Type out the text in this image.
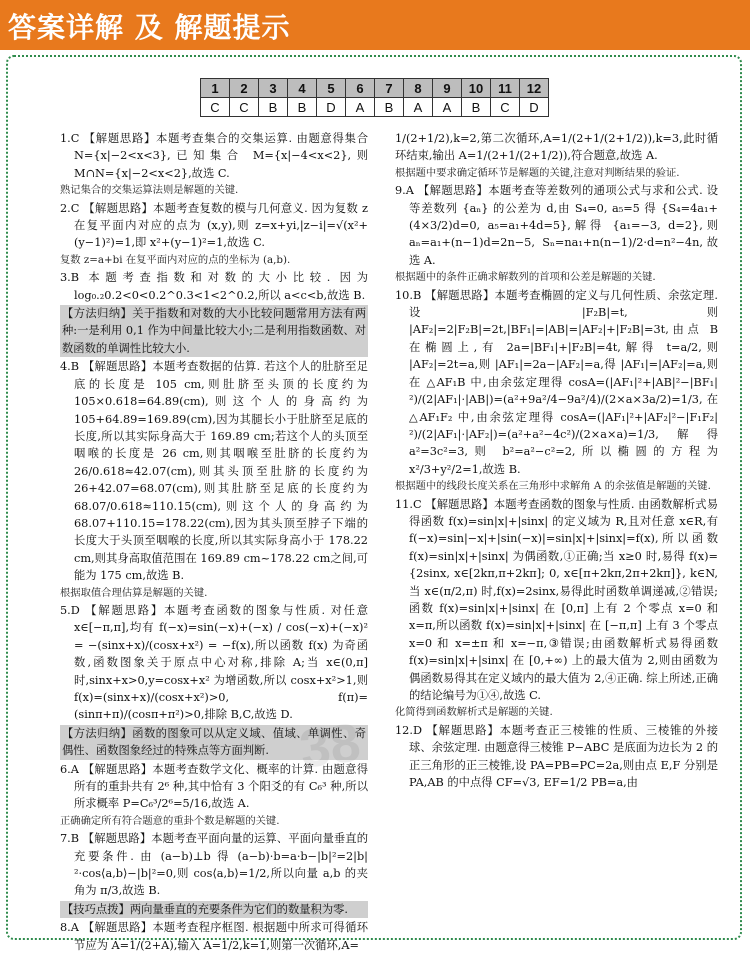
答案详解 及 解题提示
1	2	3	4	5	6	7	8	9	10	11	12
C	C	B	B	D	A	B	A	A	B	C	D

1.C 【解题思路】本题考查集合的交集运算. 由题意得集合 N={x|−2<x<3},已知集合 M={x|−4<x<2},则 M∩N={x|−2<x<2},故选 C.

熟记集合的交集运算法则是解题的关键.

2.C 【解题思路】本题考查复数的模与几何意义. 因为复数 z 在复平面内对应的点为 (x,y),则 z=x+yi,|z−i|=√(x²+(y−1)²)=1,即 x²+(y−1)²=1,故选 C.

复数 z=a+bi 在复平面内对应的点的坐标为 (a,b).

3.B 本题考查指数和对数的大小比较. 因为 log₀.₂0.2<0<0.2^0.3<1<2^0.2,所以 a<c<b,故选 B.

【方法归纳】关于指数和对数的大小比较问题常用方法有两种:一是利用 0,1 作为中间量比较大小;二是利用指数函数、对数函数的单调性比较大小.

4.B 【解题思路】本题考查数据的估算. 若这个人的肚脐至足底的长度是 105 cm,则肚脐至头顶的长度约为 105×0.618=64.89(cm),则这个人的身高约为 105+64.89=169.89(cm),因为其腿长小于肚脐至足底的长度,所以其实际身高大于 169.89 cm;若这个人的头顶至咽喉的长度是 26 cm,则其咽喉至肚脐的长度约为 26/0.618≈42.07(cm),则其头顶至肚脐的长度约为 26+42.07=68.07(cm),则其肚脐至足底的长度约为 68.07/0.618≈110.15(cm),则这个人的身高约为 68.07+110.15=178.22(cm),因为其头顶至脖子下端的长度大于头顶至咽喉的长度,所以其实际身高小于 178.22 cm,则其身高取值范围在 169.89 cm~178.22 cm之间,可能为 175 cm,故选 B.

根据取值合理估算是解题的关键.

5.D 【解题思路】本题考查函数的图象与性质. 对任意 x∈[−π,π],均有 f(−x)=sin(−x)+(−x) / cos(−x)+(−x)² = −(sinx+x)/(cosx+x²) = −f(x),所以函数 f(x) 为奇函数,函数图象关于原点中心对称,排除 A;当 x∈(0,π] 时,sinx+x>0,y=cosx+x² 为增函数,所以 cosx+x²>1,则 f(x)=(sinx+x)/(cosx+x²)>0, f(π)=(sinπ+π)/(cosπ+π²)>0,排除 B,C,故选 D.

【方法归纳】函数的图象可以从定义域、值域、单调性、奇偶性、函数图象经过的特殊点等方面判断.

6.A 【解题思路】本题考查数学文化、概率的计算. 由题意得所有的重卦共有 2⁶ 种,其中恰有 3 个阳爻的有 C₆³ 种,所以所求概率 P=C₆³/2⁶=5/16,故选 A.

正确确定所有符合题意的重卦个数是解题的关键.

7.B 【解题思路】本题考查平面向量的运算、平面向量垂直的充要条件. 由 (a−b)⊥b 得 (a−b)·b=a·b−|b|²=2|b|²·cos⟨a,b⟩−|b|²=0,则 cos⟨a,b⟩=1/2,所以向量 a,b 的夹角为 π/3,故选 B.

【技巧点拨】两向量垂直的充要条件为它们的数量积为零.

8.A 【解题思路】本题考查程序框图. 根据题中所求可得循环节应为 A=1/(2+A),输入 A=1/2,k=1,则第一次循环,A=

1/(2+1/2),k=2,第二次循环,A=1/(2+1/(2+1/2)),k=3,此时循环结束,输出 A=1/(2+1/(2+1/2)),符合题意,故选 A.

根据题中要求确定循环节是解题的关键,注意对判断结果的验证.

9.A 【解题思路】本题考查等差数列的通项公式与求和公式. 设等差数列 {aₙ} 的公差为 d,由 S₄=0, a₅=5 得 {S₄=4a₁+(4×3/2)d=0, a₅=a₁+4d=5},解得 {a₁=−3, d=2},则 aₙ=a₁+(n−1)d=2n−5, Sₙ=na₁+n(n−1)/2·d=n²−4n,故选 A.

根据题中的条件正确求解数列的首项和公差是解题的关键.

10.B 【解题思路】本题考查椭圆的定义与几何性质、余弦定理. 设 |F₂B|=t,则 |AF₂|=2|F₂B|=2t,|BF₁|=|AB|=|AF₂|+|F₂B|=3t,由点 B 在椭圆上,有 2a=|BF₁|+|F₂B|=4t,解得 t=a/2,则 |AF₂|=2t=a,则 |AF₁|=2a−|AF₂|=a,得 |AF₁|=|AF₂|=a,则在 △AF₁B 中,由余弦定理得 cosA=(|AF₁|²+|AB|²−|BF₁|²)/(2|AF₁|·|AB|)=(a²+9a²/4−9a²/4)/(2×a×3a/2)=1/3,在 △AF₁F₂ 中,由余弦定理得 cosA=(|AF₁|²+|AF₂|²−|F₁F₂|²)/(2|AF₁|·|AF₂|)=(a²+a²−4c²)/(2×a×a)=1/3,解得 a²=3c²=3,则 b²=a²−c²=2,所以椭圆的方程为 x²/3+y²/2=1,故选 B.

根据题中的线段长度关系在三角形中求解角 A 的余弦值是解题的关键.

11.C 【解题思路】本题考查函数的图象与性质. 由函数解析式易得函数 f(x)=sin|x|+|sinx| 的定义域为 R,且对任意 x∈R,有 f(−x)=sin|−x|+|sin(−x)|=sin|x|+|sinx|=f(x),所以函数 f(x)=sin|x|+|sinx| 为偶函数,①正确;当 x≥0 时,易得 f(x)={2sinx, x∈[2kπ,π+2kπ]; 0, x∈[π+2kπ,2π+2kπ]}, k∈N,当 x∈(π/2,π) 时,f(x)=2sinx,易得此时函数单调递减,②错误;函数 f(x)=sin|x|+|sinx| 在 [0,π] 上有 2 个零点 x=0 和 x=π,所以函数 f(x)=sin|x|+|sinx| 在 [−π,π] 上有 3 个零点 x=0 和 x=±π 和 x=−π,③错误;由函数解析式易得函数 f(x)=sin|x|+|sinx| 在 [0,+∞) 上的最大值为 2,则由函数为偶函数易得其在定义域内的最大值为 2,④正确. 综上所述,正确的结论编号为①④,故选 C.

化简得到函数解析式是解题的关键.

12.D 【解题思路】本题考查正三棱锥的性质、三棱锥的外接球、余弦定理. 由题意得三棱锥 P−ABC 是底面为边长为 2 的正三角形的正三棱锥,设 PA=PB=PC=2a,则由点 E,F 分别是 PA,AB 的中点得 CF=√3, EF=1/2 PB=a,由

38
